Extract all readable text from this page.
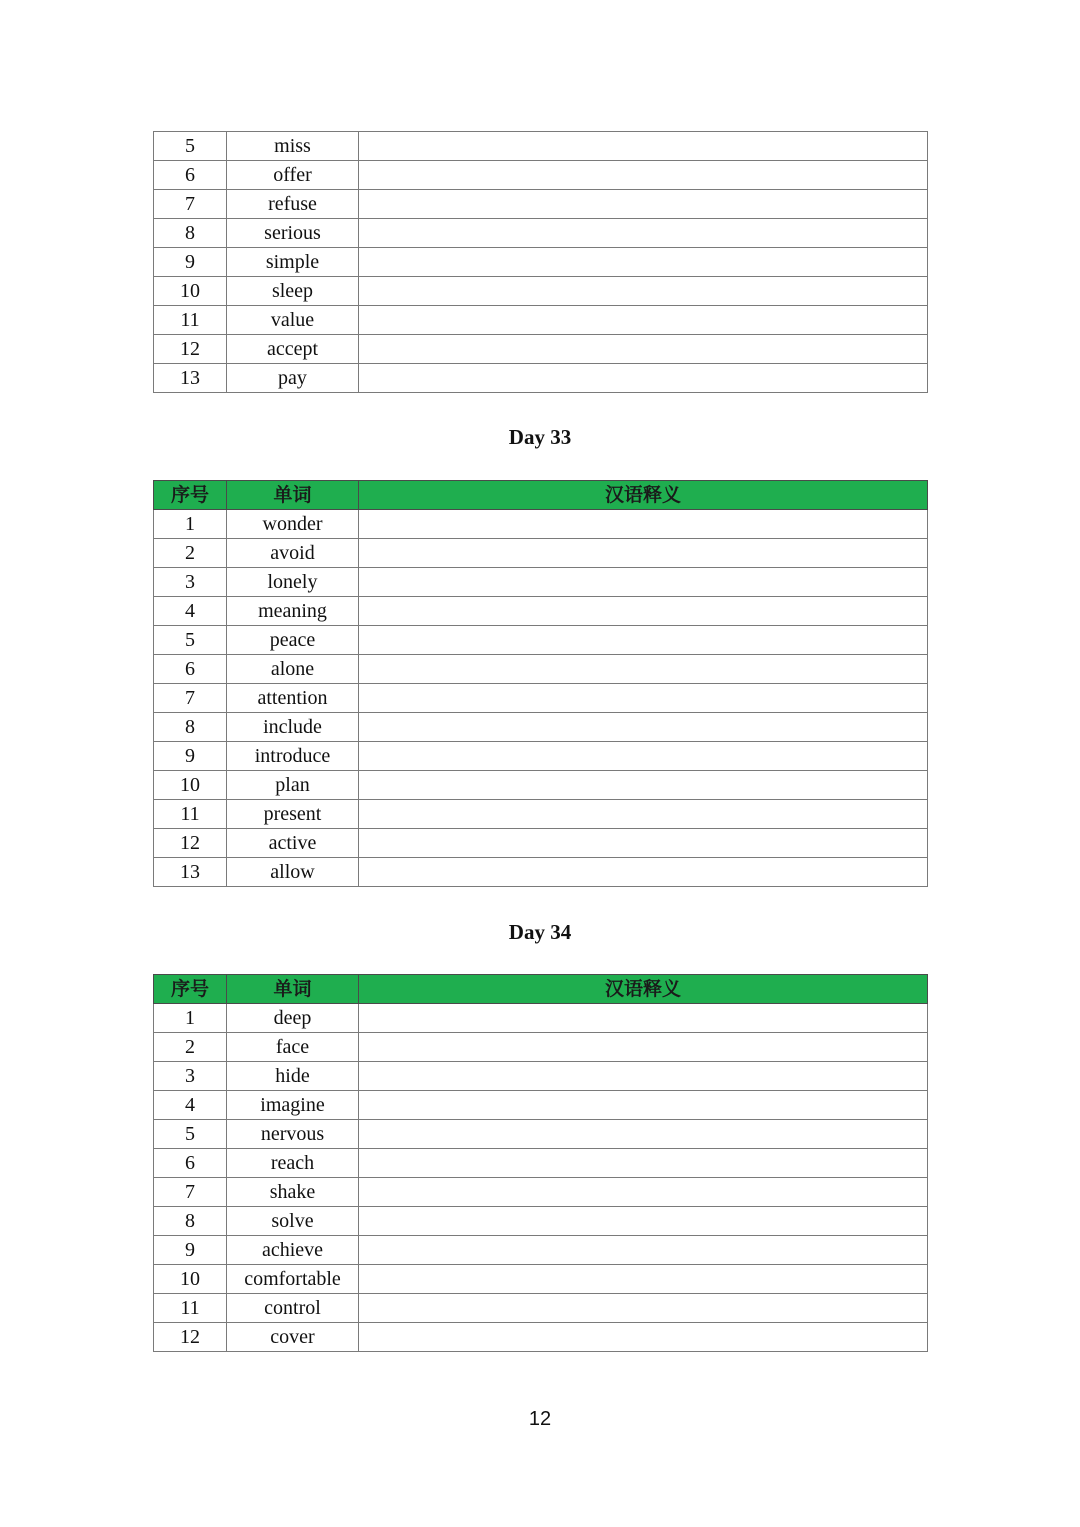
5	miss	
6	offer	
7	refuse	
8	serious	
9	simple	
10	sleep	
11	value	
12	accept	
13	pay	
Day 33
序号	单词	汉语释义
1	wonder	
2	avoid	
3	lonely	
4	meaning	
5	peace	
6	alone	
7	attention	
8	include	
9	introduce	
10	plan	
11	present	
12	active	
13	allow	
Day 34
序号	单词	汉语释义
1	deep	
2	face	
3	hide	
4	imagine	
5	nervous	
6	reach	
7	shake	
8	solve	
9	achieve	
10	comfortable	
11	control	
12	cover	
12
